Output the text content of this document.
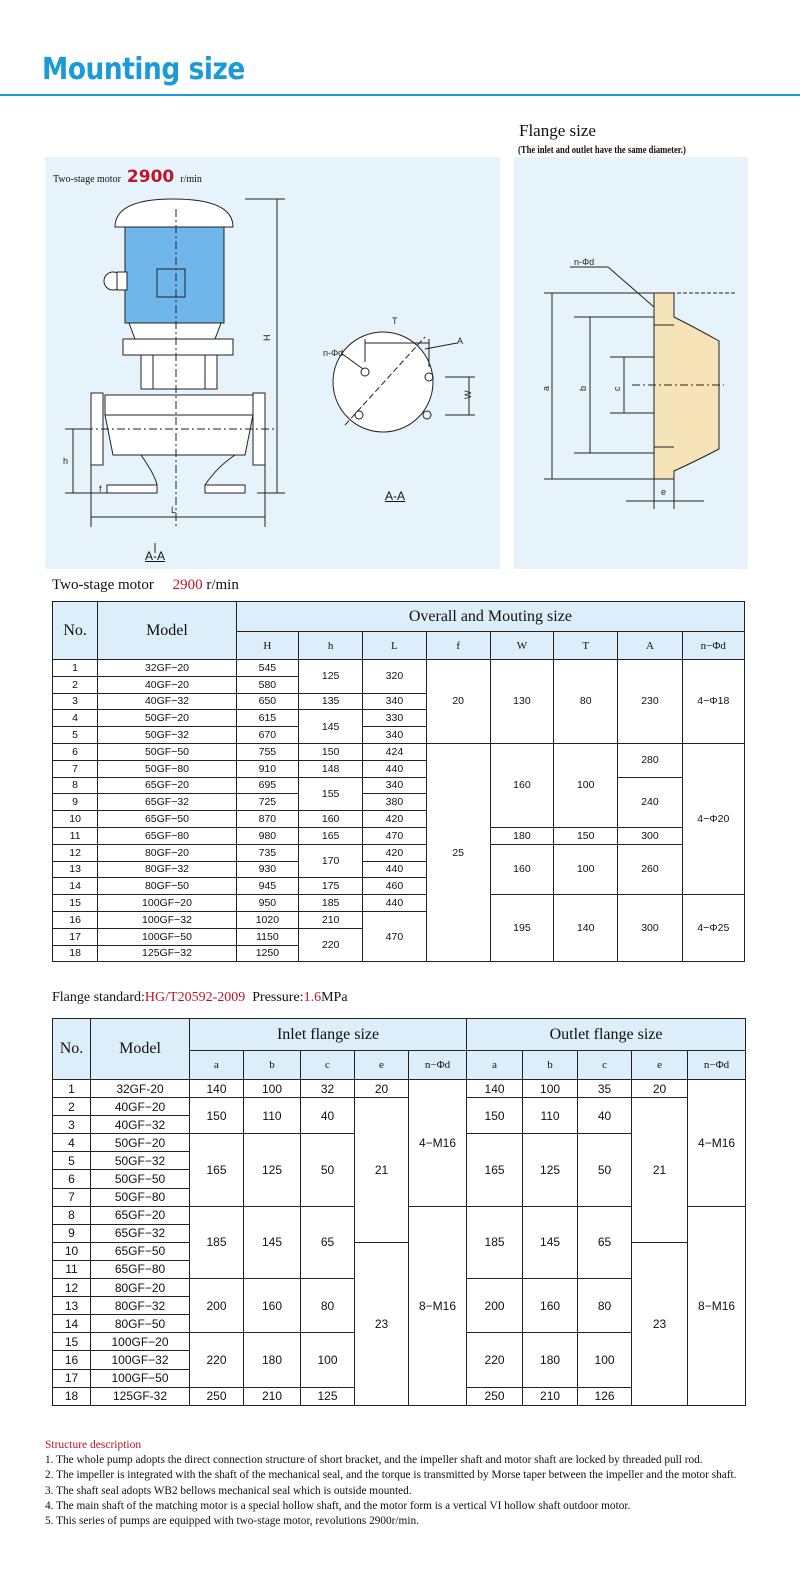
Mounting size
Flange size
(The inlet and outlet have the same diameter.)
H
h
L
f
T
A
W
n-Φd
Two-stage motor 2900 r/min
A-A
A-A
n-Φd
a	b	c
e
Two-stage motor 2900 r/min
No.	Model	Overall and Mouting size							
		H	h	L	f	W	T	A	n−Φd
1	32GF−20	545	125	320	20	130	80	230	4−Φ18
2	40GF−20	580							
3	40GF−32	650	135	340					
4	50GF−20	615	145	330					
5	50GF−32	670		340					
6	50GF−50	755	150	424	25	160	100	280	4−Φ20
7	50GF−80	910	148	440					
8	65GF−20	695	155	340				240	
9	65GF−32	725		380					
10	65GF−50	870	160	420					
11	65GF−80	980	165	470		180	150	300	
12	80GF−20	735	170	420		160	100	260	
13	80GF−32	930		440					
14	80GF−50	945	175	460					
15	100GF−20	950	185	440		195	140	300	4−Φ25
16	100GF−32	1020	210	470					
17	100GF−50	1150	220						
18	125GF−32	1250							
Flange standard:HG/T20592-2009 Pressure:1.6MPa
No.	Model	Inlet flange size					Outlet flange size				
		a	b	c	e	n−Φd	a	b	c	e	n−Φd
1	32GF-20	140	100	32	20	4−M16	140	100	35	20	4−M16
2	40GF−20	150	110	40	21		150	110	40	21	
3	40GF−32										
4	50GF−20	165	125	50			165	125	50		
5	50GF−32										
6	50GF−50										
7	50GF−80										
8	65GF−20	185	145	65		8−M16	185	145	65		8−M16
9	65GF−32										
10	65GF−50				23					23	
11	65GF−80										
12	80GF−20	200	160	80			200	160	80		
13	80GF−32										
14	80GF−50										
15	100GF−20	220	180	100			220	180	100		
16	100GF−32										
17	100GF−50										
18	125GF-32	250	210	125			250	210	126		
Structure description
1. The whole pump adopts the direct connection structure of short bracket, and the impeller shaft and motor shaft are locked by threaded pull rod.
2. The impeller is integrated with the shaft of the mechanical seal, and the torque is transmitted by Morse taper between the impeller and the motor shaft.
3. The shaft seal adopts WB2 bellows mechanical seal which is outside mounted.
4. The main shaft of the matching motor is a special hollow shaft, and the motor form is a vertical VI hollow shaft outdoor motor.
5. This series of pumps are equipped with two-stage motor, revolutions 2900r/min.
